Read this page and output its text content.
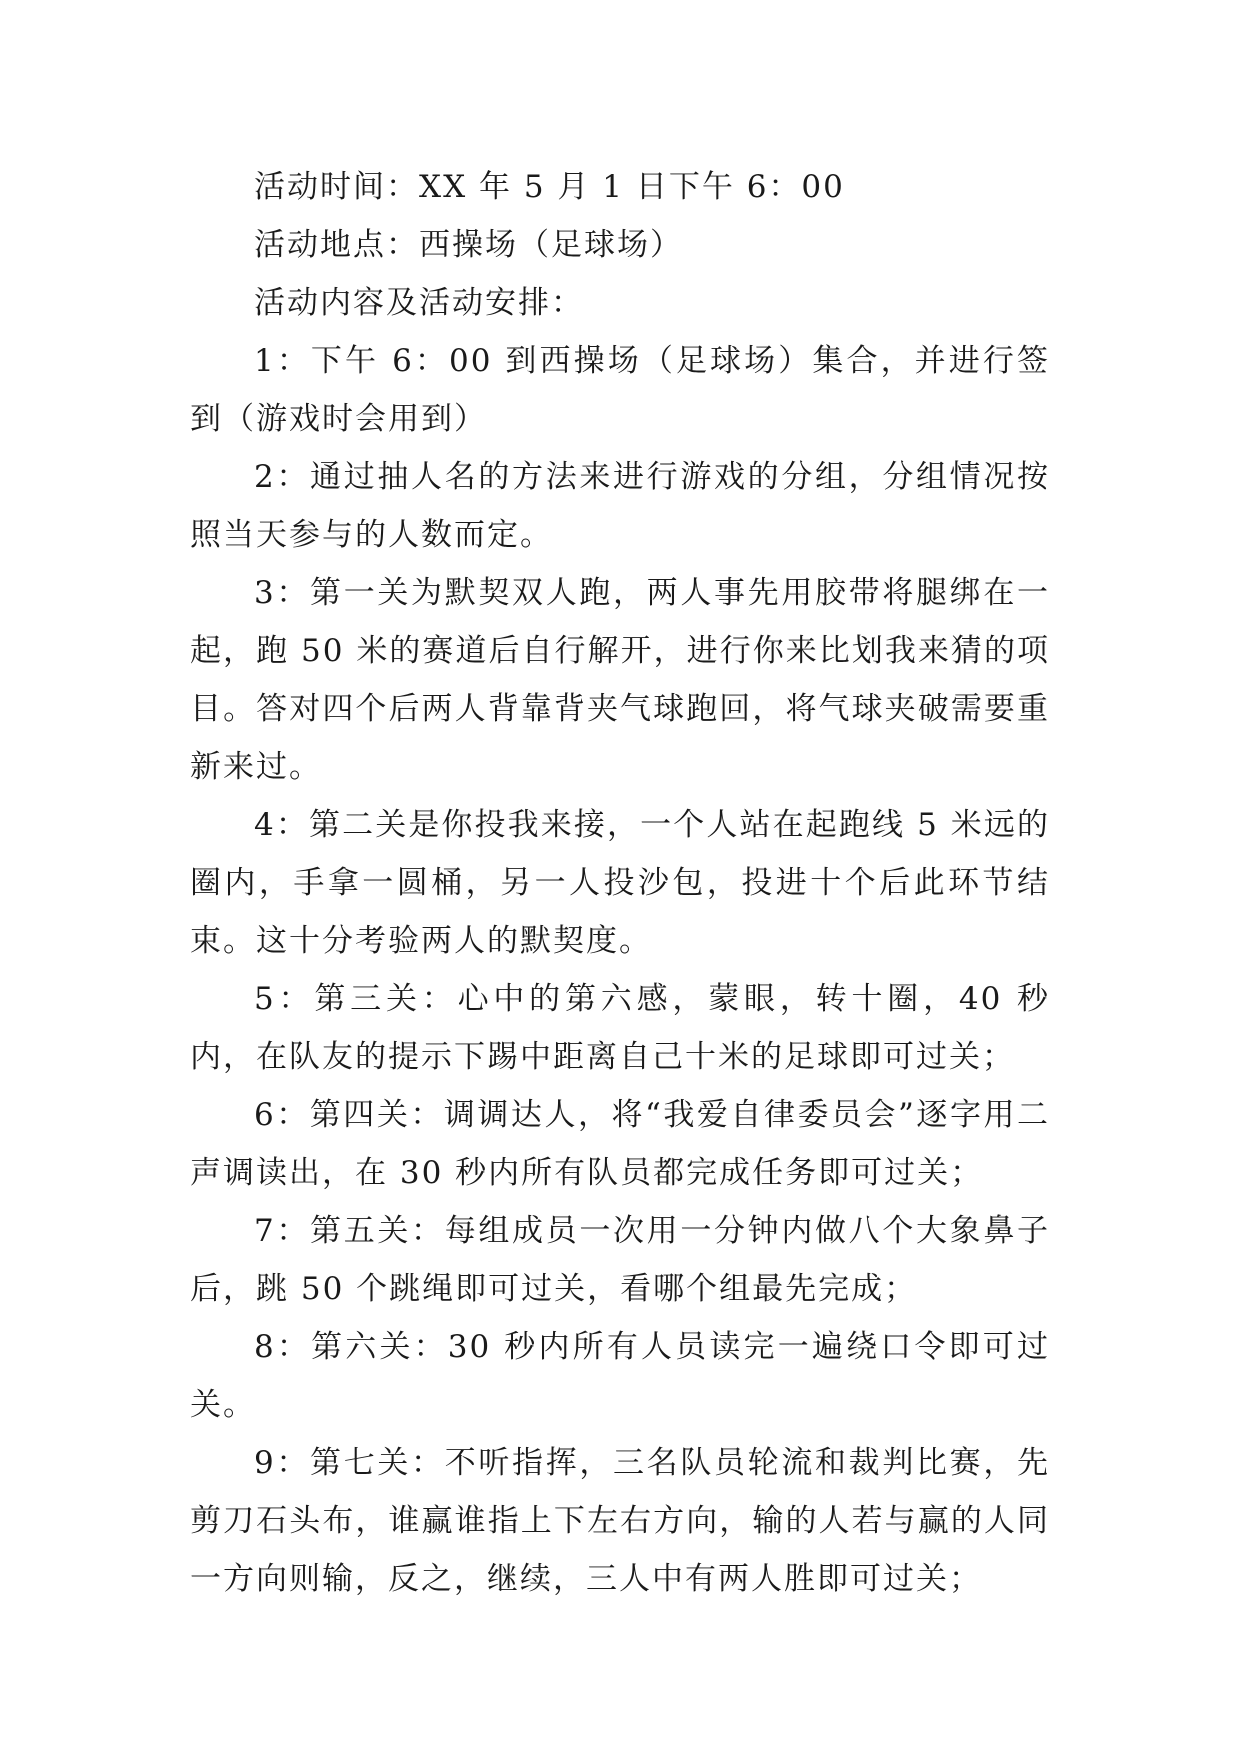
活动时间：XX 年 5 月 1 日下午 6：00

活动地点：西操场（足球场）

活动内容及活动安排：

1：下午 6：00 到西操场（足球场）集合，并进行签到（游戏时会用到）

2：通过抽人名的方法来进行游戏的分组，分组情况按照当天参与的人数而定。

3：第一关为默契双人跑，两人事先用胶带将腿绑在一起，跑 50 米的赛道后自行解开，进行你来比划我来猜的项目。答对四个后两人背靠背夹气球跑回，将气球夹破需要重新来过。

4：第二关是你投我来接，一个人站在起跑线 5 米远的圈内，手拿一圆桶，另一人投沙包，投进十个后此环节结束。这十分考验两人的默契度。

5：第三关：心中的第六感，蒙眼，转十圈，40 秒内，在队友的提示下踢中距离自己十米的足球即可过关；

6：第四关：调调达人，将“我爱自律委员会”逐字用二声调读出，在 30 秒内所有队员都完成任务即可过关；

7：第五关：每组成员一次用一分钟内做八个大象鼻子后，跳 50 个跳绳即可过关，看哪个组最先完成；

8：第六关：30 秒内所有人员读完一遍绕口令即可过关。

9：第七关：不听指挥，三名队员轮流和裁判比赛，先剪刀石头布，谁赢谁指上下左右方向，输的人若与赢的人同一方向则输，反之，继续，三人中有两人胜即可过关；
